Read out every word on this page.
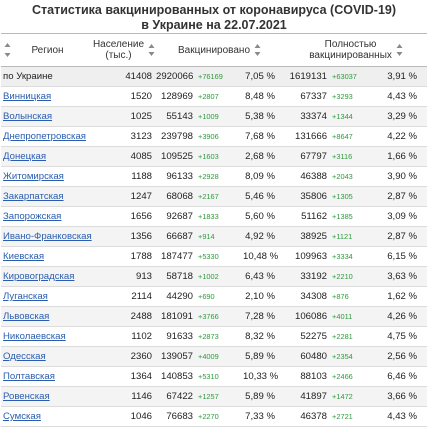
Статистика вакцинированных от коронавируса (COVID-19)
в Украине на 22.07.2021
Регион	Население
(тыс.)	Вакцинировано			Полностью
вакцинированных		

по Украине	41408	2920066	+76169	7,05 %	1619131	+63037	3,91 %
Винницкая	1520	128969	+2807	8,48 %	67337	+3293	4,43 %
Волынская	1025	55143	+1009	5,38 %	33374	+1344	3,29 %
Днепропетровская	3123	239798	+3906	7,68 %	131666	+8647	4,22 %
Донецкая	4085	109525	+1603	2,68 %	67797	+3116	1,66 %
Житомирская	1188	96133	+2928	8,09 %	46388	+2043	3,90 %
Закарпатская	1247	68068	+2167	5,46 %	35806	+1305	2,87 %
Запорожская	1656	92687	+1833	5,60 %	51162	+1385	3,09 %
Ивано-Франковская	1356	66687	+914	4,92 %	38925	+1121	2,87 %
Киевская	1788	187477	+5330	10,48 %	109963	+3334	6,15 %
Кировоградская	913	58718	+1002	6,43 %	33192	+2210	3,63 %
Луганская	2114	44290	+690	2,10 %	34308	+876	1,62 %
Львовская	2488	181091	+3766	7,28 %	106086	+4011	4,26 %
Николаевская	1102	91633	+2873	8,32 %	52275	+2281	4,75 %
Одесская	2360	139057	+4009	5,89 %	60480	+2354	2,56 %
Полтавская	1364	140853	+5310	10,33 %	88103	+2466	6,46 %
Ровенская	1146	67422	+1257	5,89 %	41897	+1472	3,66 %
Сумская	1046	76683	+2270	7,33 %	46378	+2721	4,43 %
